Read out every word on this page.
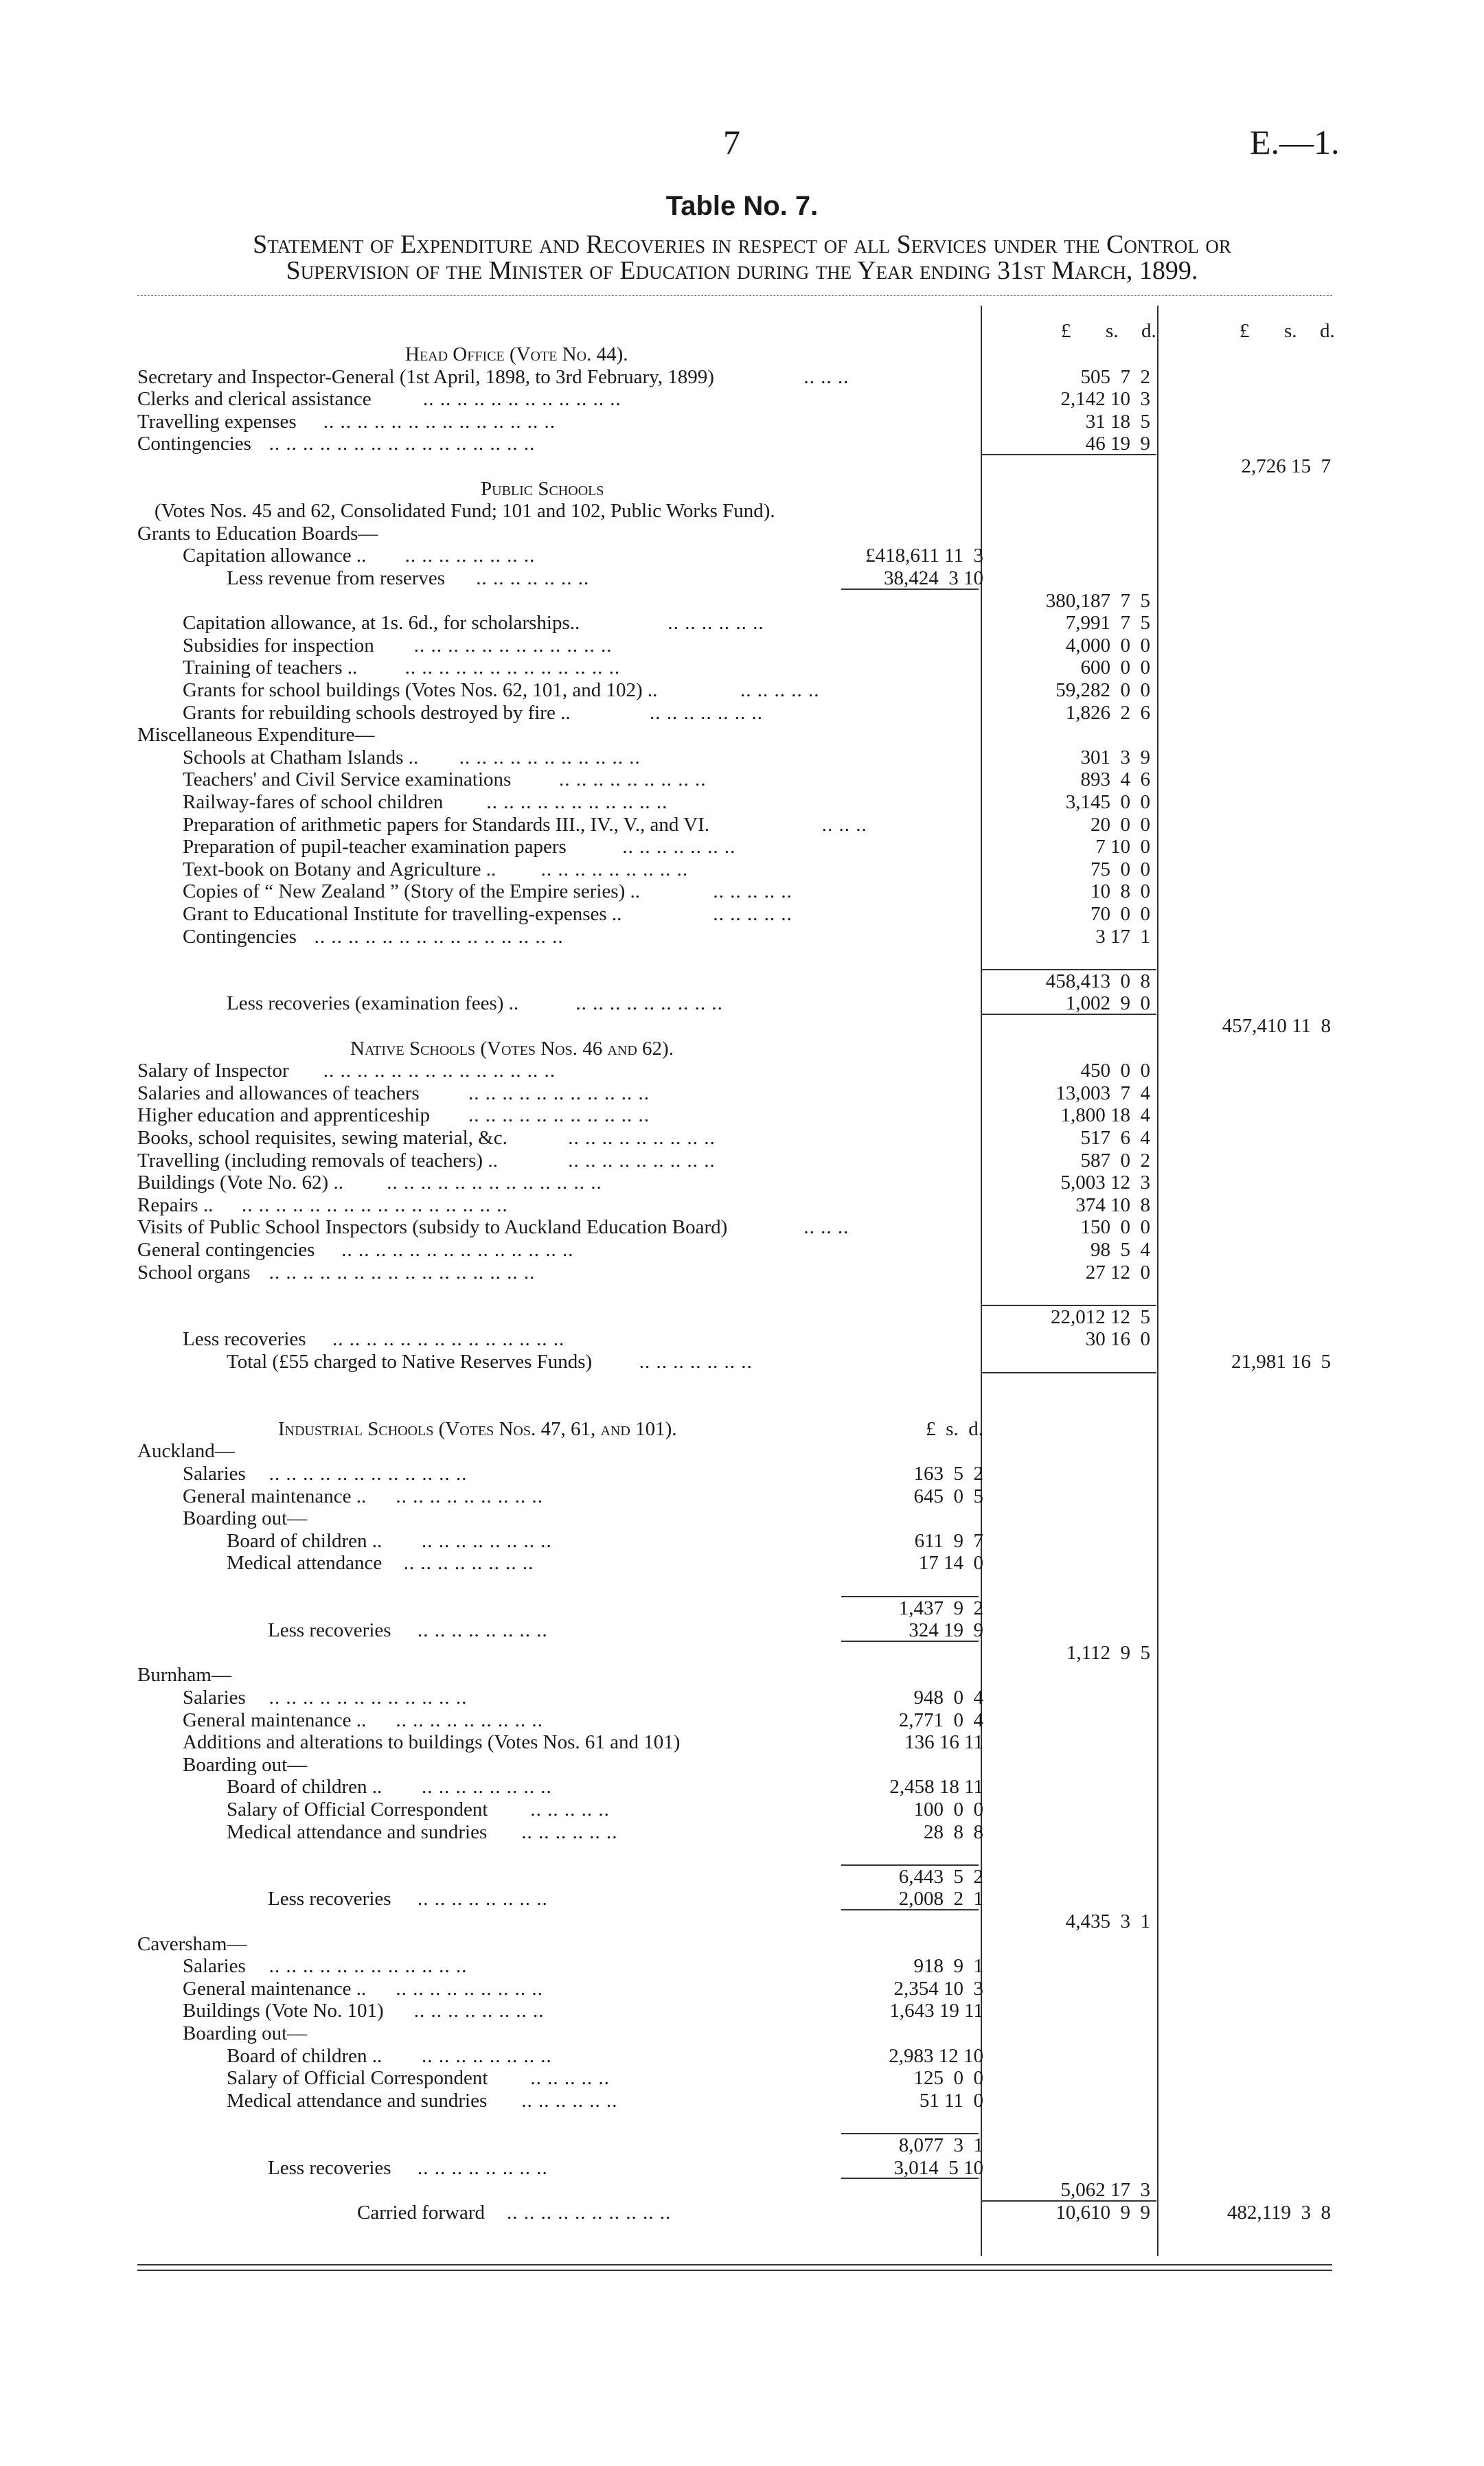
7	E.—1.
Table No. 7.
Statement of Expenditure and Recoveries in respect of all Services under the Control or
Supervision of the Minister of Education during the Year ending 31st March, 1899.
£ s. d.	£ s. d.
Head Office (Vote No. 44).
Secretary and Inspector-General (1st April, 1898, to 3rd February, 1899)	.. .. ..	505  7  2
Clerks and clerical assistance	.. .. .. .. .. .. .. .. .. .. .. ..	2,142 10  3
Travelling expenses .. .. .. .. .. .. .. .. .. .. .. .. .. ..	31 18  5
Contingencies .. .. .. .. .. .. .. .. .. .. .. .. .. .. .. ..	46 19  9
2,726 15  7
Public Schools
(Votes Nos. 45 and 62, Consolidated Fund; 101 and 102, Public Works Fund).
Grants to Education Boards—
Capitation allowance .. .. .. .. .. .. .. .. ..	£418,611 11  3
Less revenue from reserves .. .. .. .. .. .. ..	38,424  3 10
380,187  7  5
Capitation allowance, at 1s. 6d., for scholarships..	.. .. .. .. .. ..	7,991  7  5
Subsidies for inspection .. .. .. .. .. .. .. .. .. .. .. ..	4,000  0  0
Training of teachers .. .. .. .. .. .. .. .. .. .. .. .. .. ..	600  0  0
Grants for school buildings (Votes Nos. 62, 101, and 102) ..	.. .. .. .. ..	59,282  0  0
Grants for rebuilding schools destroyed by fire ..	.. .. .. .. .. .. ..	1,826  2  6
Miscellaneous Expenditure—
Schools at Chatham Islands .. .. .. .. .. .. .. .. .. .. .. ..	301  3  9
Teachers' and Civil Service examinations .. .. .. .. .. .. .. .. ..	893  4  6
Railway-fares of school children .. .. .. .. .. .. .. .. .. .. ..	3,145  0  0
Preparation of arithmetic papers for Standards III., IV., V., and VI.	.. .. ..	20  0  0
Preparation of pupil-teacher examination papers	.. .. .. .. .. .. ..	7 10  0
Text-book on Botany and Agriculture .. .. .. .. .. .. .. .. .. ..	75  0  0
Copies of “ New Zealand ” (Story of the Empire series) ..	.. .. .. .. ..	10  8  0
Grant to Educational Institute for travelling-expenses ..	.. .. .. .. ..	70  0  0
Contingencies .. .. .. .. .. .. .. .. .. .. .. .. .. .. ..	3 17  1
458,413  0  8
Less recoveries (examination fees) ..	.. .. .. .. .. .. .. .. ..	1,002  9  0
457,410 11  8
Native Schools (Votes Nos. 46 and 62).
Salary of Inspector .. .. .. .. .. .. .. .. .. .. .. .. .. ..	450  0  0
Salaries and allowances of teachers .. .. .. .. .. .. .. .. .. .. ..	13,003  7  4
Higher education and apprenticeship .. .. .. .. .. .. .. .. .. .. ..	1,800 18  4
Books, school requisites, sewing material, &c.	.. .. .. .. .. .. .. .. ..	517  6  4
Travelling (including removals of teachers) ..	.. .. .. .. .. .. .. .. ..	587  0  2
Buildings (Vote No. 62) .. .. .. .. .. .. .. .. .. .. .. .. .. ..	5,003 12  3
Repairs .. .. .. .. .. .. .. .. .. .. .. .. .. .. .. .. ..	374 10  8
Visits of Public School Inspectors (subsidy to Auckland Education Board)	.. .. ..	150  0  0
General contingencies .. .. .. .. .. .. .. .. .. .. .. .. .. ..	98  5  4
School organs .. .. .. .. .. .. .. .. .. .. .. .. .. .. .. ..	27 12  0
22,012 12  5
Less recoveries .. .. .. .. .. .. .. .. .. .. .. .. .. ..	30 16  0
Total (£55 charged to Native Reserves Funds) .. .. .. .. .. .. ..	21,981 16  5
Industrial Schools (Votes Nos. 47, 61, and 101).	£  s.  d.
Auckland—
Salaries .. .. .. .. .. .. .. .. .. .. .. ..	163  5  2
General maintenance .. .. .. .. .. .. .. .. .. ..	645  0  5
Boarding out—
Board of children .. .. .. .. .. .. .. .. ..	611  9  7
Medical attendance .. .. .. .. .. .. .. ..	17 14  0
1,437  9  2
Less recoveries .. .. .. .. .. .. .. ..	324 19  9
1,112  9  5
Burnham—
Salaries .. .. .. .. .. .. .. .. .. .. .. ..	948  0  4
General maintenance .. .. .. .. .. .. .. .. .. ..	2,771  0  4
Additions and alterations to buildings (Votes Nos. 61 and 101)	136 16 11
Boarding out—
Board of children .. .. .. .. .. .. .. .. ..	2,458 18 11
Salary of Official Correspondent .. .. .. .. ..	100  0  0
Medical attendance and sundries .. .. .. .. .. ..	28  8  8
6,443  5  2
Less recoveries .. .. .. .. .. .. .. ..	2,008  2  1
4,435  3  1
Caversham—
Salaries .. .. .. .. .. .. .. .. .. .. .. ..	918  9  1
General maintenance .. .. .. .. .. .. .. .. .. ..	2,354 10  3
Buildings (Vote No. 101) .. .. .. .. .. .. .. ..	1,643 19 11
Boarding out—
Board of children .. .. .. .. .. .. .. .. ..	2,983 12 10
Salary of Official Correspondent .. .. .. .. ..	125  0  0
Medical attendance and sundries .. .. .. .. .. ..	51 11  0
8,077  3  1
Less recoveries .. .. .. .. .. .. .. ..	3,014  5 10
5,062 17  3
Carried forward .. .. .. .. .. .. .. .. .. ..	10,610  9  9	482,119  3  8
